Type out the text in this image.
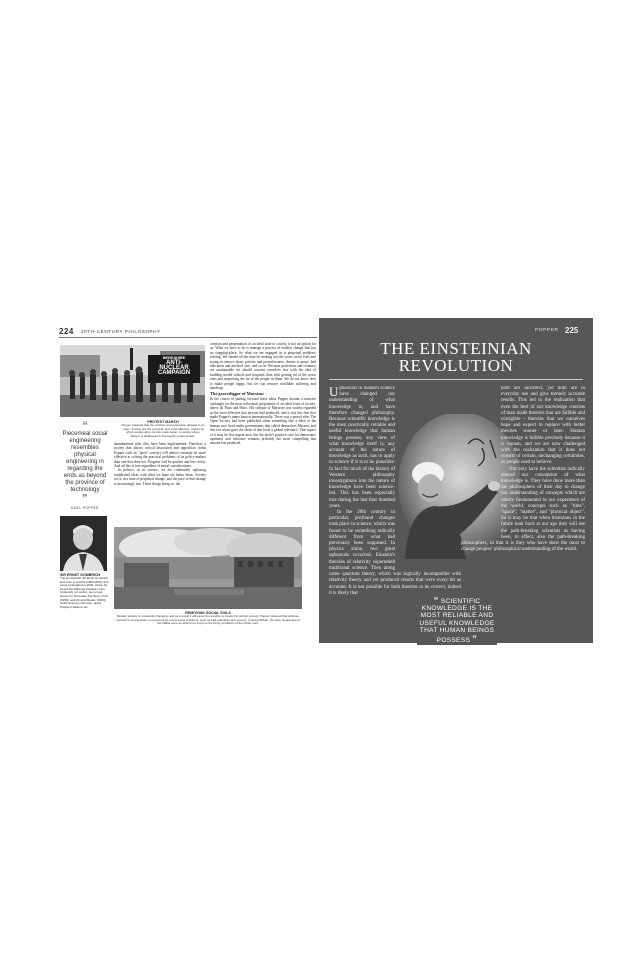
224 20TH-CENTURY PHILOSOPHY
BERKSHIRE
ANTI-
NUCLEAR
CAMPAIGN
PROTEST MARCH
Popper believed that the criticism and opposition allowed in an "open" society are the principal, and most effective, means by which social policy can be made better. A society where dissent is disallowed is thoroughly undemocratic.
❝
Piecemeal social engineering resembles physical engineering in regarding the ends as beyond the province of technology
❞
KARL POPPER
abandonment after they have been implemented. Therefore a society that allows critical discussion and opposition (what Popper calls an "open" society) will almost certainly be more effective at solving the practical problems of its policy-makers than one that does not. Progress will be quicker and less costly. And all this is true regardless of moral considerations.
In politics, as in science, we are continually replacing established ideas with what we hope are better ideas. Society too is in a state of perpetual change, and the pace of that change is increasingly fast. These things being so, the
creation and perpetuation of an ideal state of society is not an option for us. What we have to do is manage a process of endless change that has no stopping-place. So what we are engaged in is perpetual problem-solving. We should all the time be seeking out the worst social evils and trying to remove them: poverty and powerlessness, threats to peace, bad education and medical care, and so on. Because perfection and certainty are unattainable we should concern ourselves less with the idea of building model schools and hospitals than with getting rid of the worst ones and improving the lot of the people in them. We do not know how to make people happy, but we can remove avoidable suffering and handicap.
The gravedigger of Marxism
In the course of putting forward these ideas Popper mounts a massive onslaught on the most influential proponents of an ideal form of society, above all Plato and Marx. His critique of Marxism was widely regarded as the most effective that anyone had produced, and it was this that first made Popper's name known internationally. There was a period after The Open Society had been published when something like a third of the human race lived under governments that called themselves Marxist, and this fact alone gave the ideas of that book a global relevance. That aspect of it may be less urgent now, but the book's positive case for democratic openness and tolerance remains probably the most compelling that anyone has produced.
SIR ERNST GOMBRICH
The art historian Sir Ernst Gombrich was born in Austria (1909-2001) and came to England in 1936, where he joined the Warburg Institute in the University of London. He is best known for his books The Story of Art (1950), and Art and Illusion (1960), which among much else, apply Popper's ideas to art.
REMOVING SOCIAL EVILS
Modern society is constantly changing, and as a result it will never be possible to create the perfect society. Popper believed that what we must do is concentrate on removing the worst social problems, such as bad education and poverty. In Great Britain, the slum clearances of the 1960s were an attempt to improve the living conditions of the urban poor.
POPPER 225
THE EINSTEINIAN
REVOLUTION
Upheavals in modern science have changed our understanding of what knowledge is, and have therefore changed philosophy. Because scientific knowledge is the most practically reliable and useful knowledge that human beings possess, any view of what knowledge itself is, any account of the nature of knowledge as such, has to apply to science if it is to be plausible. In fact for much of the history of Western philosophy investigations into the nature of knowledge have been science-led. This has been especially true during the last four hundred years.
In the 20th century in particular, profound changes took place in science, which was found to be something radically different from what had previously been supposed. In physics alone, two great upheavals occurred. Einstein's theories of relativity superseded traditional science. Then along came quantum theory, which was logically incompatible with relativity theory and yet produced results that were every bit as accurate. It is not possible for both theories to be correct, indeed it is likely that
both are incorrect, yet both are in everyday use and give tremely accurate results. This led to the realization that even the best of our knowledge consists of man made theories that are fallible and corrigible - theories that we ourselves hope and expect to replace with better theories sooner or later. Human knowledge is fallible precisely because it is human, and we are now challenged with the realization that it does not consist of certain, unchanging certainties, as people used to believe.
Not only have the scientists radically altered our conception of what knowledge is. They have done more than the philosophers of their day to change our understanding of concepts which are utterly fundamental to our experience of the world, concepts such as "time", "space", "matter", and "physical object". So it may be that when historians in the future look back at our age they will see the path-breaking scientists as having been, in effect, also the path-breaking philosophers, in that it is they who have done the most to change peoples' philosophical understanding of the world.
❝ SCIENTIFIC KNOWLEDGE IS THE MOST RELIABLE AND USEFUL KNOWLEDGE THAT HUMAN BEINGS POSSESS ❞
